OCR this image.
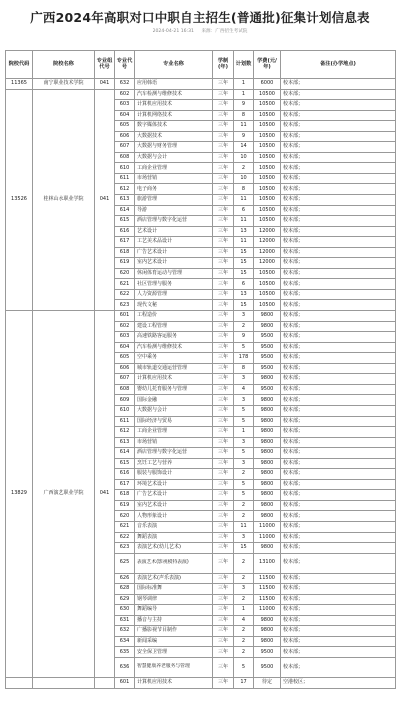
广西2024年高职对口中职自主招生(普通批)征集计划信息表
2024-04-21 16:31 来源：广西招生考试院
院校代码	院校名称	专业组代号	专业代号	专业名称	学制(年)	计划数	学费(元/年)	备注(办学地点)
11365	南宁职业技术学院	041	632	应用韩语	三年	1	6000	校本部；
13526	桂林山水职业学院	041	602	汽车检测与维修技术	三年	1	10500	校本部；
			603	计算机应用技术	三年	9	10500	校本部；
			604	计算机网络技术	三年	8	10500	校本部；
			605	数字媒体技术	三年	11	10500	校本部；
			606	大数据技术	三年	9	10500	校本部；
			607	大数据与财务管理	三年	14	10500	校本部；
			608	大数据与会计	三年	10	10500	校本部；
			610	工商企业管理	三年	2	10500	校本部；
			611	市场营销	三年	10	10500	校本部；
			612	电子商务	三年	8	10500	校本部；
			613	旅游管理	三年	11	10500	校本部；
			614	导游	三年	6	10500	校本部；
			615	酒店管理与数字化运营	三年	11	10500	校本部；
			616	艺术设计	三年	13	12000	校本部；
			617	工艺美术品设计	三年	11	12000	校本部；
			618	广告艺术设计	三年	15	12000	校本部；
			619	室内艺术设计	三年	15	12000	校本部；
			620	休闲体育运动与管理	三年	15	10500	校本部；
			621	社区管理与服务	三年	6	10500	校本部；
			622	人力资源管理	三年	13	10500	校本部；
			623	现代文秘	三年	15	10500	校本部；
13829	广西演艺职业学院	041	601	工程造价	三年	3	9800	校本部；
			602	建设工程管理	三年	2	9800	校本部；
			603	高速铁路客运服务	三年	9	9500	校本部；
			604	汽车检测与维修技术	三年	5	9500	校本部；
			605	空中乘务	三年	178	9500	校本部；
			606	城市轨道交通运营管理	三年	8	9500	校本部；
			607	计算机应用技术	三年	3	9800	校本部；
			608	婴幼儿托育服务与管理	三年	4	9500	校本部；
			609	国际金融	三年	3	9800	校本部；
			610	大数据与会计	三年	5	9800	校本部；
			611	国际经济与贸易	三年	5	9800	校本部；
			612	工商企业管理	三年	1	9800	校本部；
			613	市场营销	三年	3	9800	校本部；
			614	酒店管理与数字化运营	三年	5	9800	校本部；
			615	烹饪工艺与营养	三年	3	9800	校本部；
			616	服装与服饰设计	三年	2	9800	校本部；
			617	环境艺术设计	三年	5	9800	校本部；
			618	广告艺术设计	三年	5	9800	校本部；
			619	室内艺术设计	三年	2	9800	校本部；
			620	人物形象设计	三年	2	9800	校本部；
			621	音乐表演	三年	11	11000	校本部；
			622	舞蹈表演	三年	3	11000	校本部；
			623	表演艺术(幼儿艺术)	三年	15	9800	校本部；
			625	表演艺术(影视模特表演)	三年	2	13100	校本部；
			626	表演艺术(声乐表演)	三年	2	11500	校本部；
			628	国际标准舞	三年	3	11500	校本部；
			629	钢琴调律	三年	2	11500	校本部；
			630	舞蹈编导	三年	1	11000	校本部；
			631	播音与主持	三年	4	9800	校本部；
			632	广播影视节目制作	三年	2	9800	校本部；
			634	新闻采编	三年	2	9800	校本部；
			635	安全保卫管理	三年	2	9500	校本部；
			636	智慧健康养老服务与管理	三年	5	9500	校本部；
			601	计算机应用技术	三年	17	待定	空港校区；
